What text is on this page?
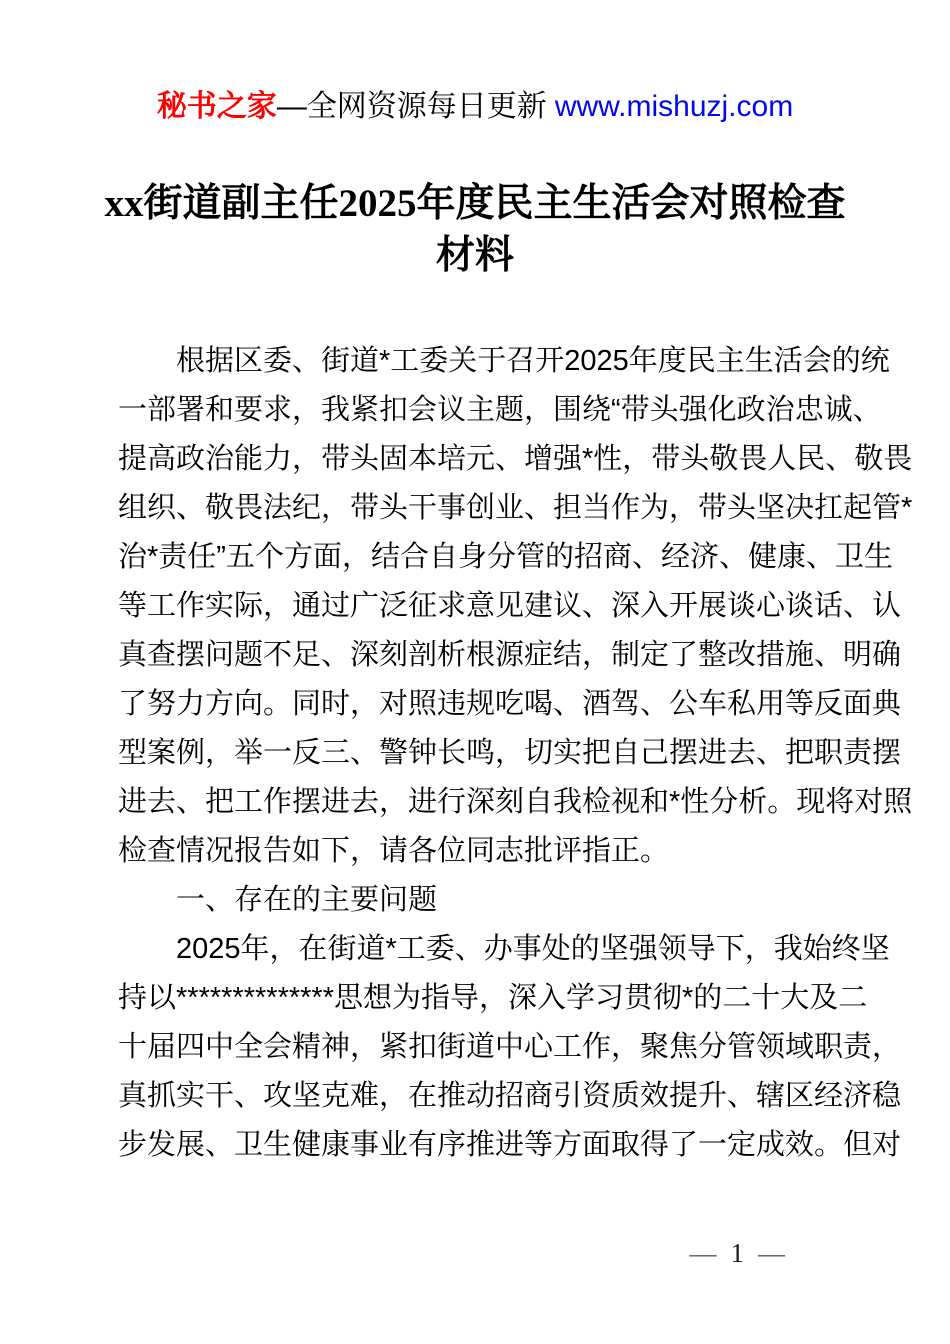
秘书之家—全网资源每日更新 www.mishuzj.com
xx街道副主任2025年度民主生活会对照检查
材料
根据区委、街道*工委关于召开2025年度民主生活会的统
一部署和要求，我紧扣会议主题，围绕“带头强化政治忠诚、
提高政治能力，带头固本培元、增强*性，带头敬畏人民、敬畏
组织、敬畏法纪，带头干事创业、担当作为，带头坚决扛起管*
治*责任”五个方面，结合自身分管的招商、经济、健康、卫生
等工作实际，通过广泛征求意见建议、深入开展谈心谈话、认
真查摆问题不足、深刻剖析根源症结，制定了整改措施、明确
了努力方向。同时，对照违规吃喝、酒驾、公车私用等反面典
型案例，举一反三、警钟长鸣，切实把自己摆进去、把职责摆
进去、把工作摆进去，进行深刻自我检视和*性分析。现将对照
检查情况报告如下，请各位同志批评指正。
一、存在的主要问题
2025年，在街道*工委、办事处的坚强领导下，我始终坚
持以**************思想为指导，深入学习贯彻*的二十大及二
十届四中全会精神，紧扣街道中心工作，聚焦分管领域职责，
真抓实干、攻坚克难，在推动招商引资质效提升、辖区经济稳
步发展、卫生健康事业有序推进等方面取得了一定成效。但对
— 1 —
